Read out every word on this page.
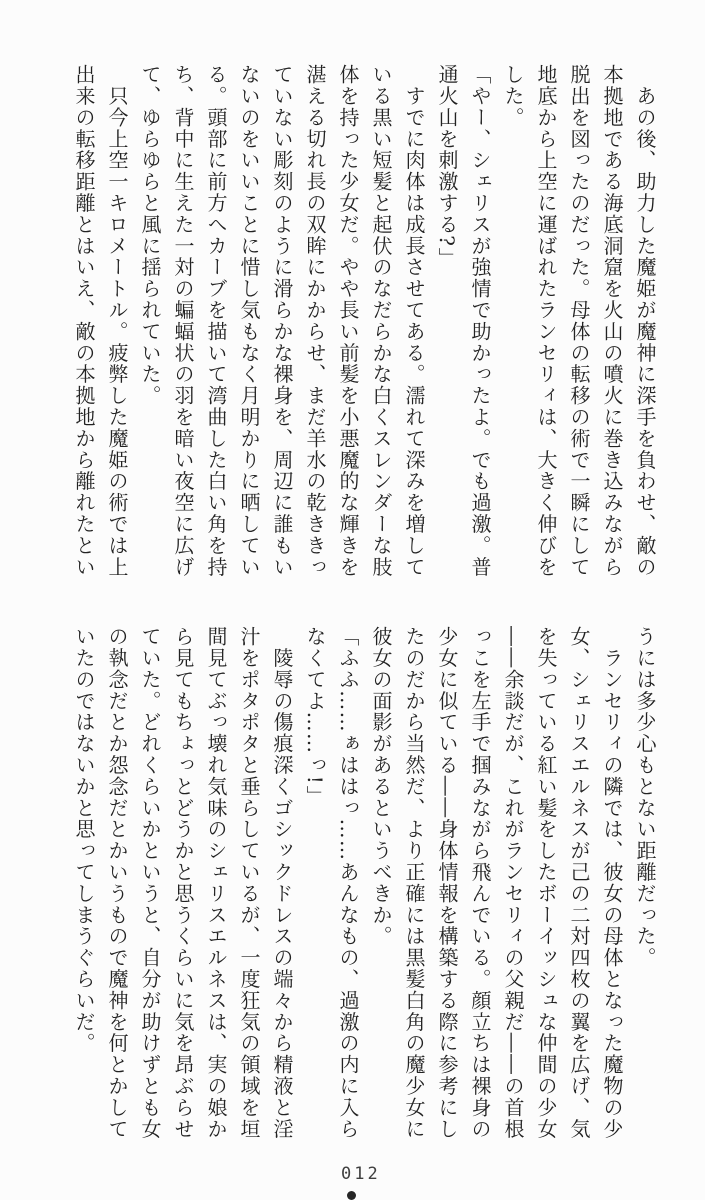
　あの後、助力した魔姫が魔神に深手を負わせ、敵の
本拠地である海底洞窟を火山の噴火に巻き込みながら
脱出を図ったのだった。母体の転移の術で一瞬にして
地底から上空に運ばれたランセリィは、大きく伸びを
した。
「やー、シェリスが強情で助かったよ。でも過激。普
通火山を刺激する?」
　すでに肉体は成長させてある。濡れて深みを増して
いる黒い短髪と起伏のなだらかな白くスレンダーな肢
体を持った少女だ。やや長い前髪を小悪魔的な輝きを
湛える切れ長の双眸にかからせ、まだ羊水の乾ききっ
ていない彫刻のように滑らかな裸身を、周辺に誰もい
ないのをいいことに惜し気もなく月明かりに晒してい
る。頭部に前方へカーブを描いて湾曲した白い角を持
ち、背中に生えた一対の蝙蝠状の羽を暗い夜空に広げ
て、ゆらゆらと風に揺られていた。
　只今上空一キロメートル。疲弊した魔姫の術では上
出来の転移距離とはいえ、敵の本拠地から離れたとい
うには多少心もとない距離だった。
　ランセリィの隣では、彼女の母体となった魔物の少
女、シェリスエルネスが己の二対四枚の翼を広げ、気
を失っている紅い髪をしたボーイッシュな仲間の少女
――余談だが、これがランセリィの父親だ――の首根
っこを左手で掴みながら飛んでいる。顔立ちは裸身の
少女に似ている――身体情報を構築する際に参考にし
たのだから当然だ、より正確には黒髪白角の魔少女に
彼女の面影があるというべきか。
「ふふ……ぁははっ……あんなもの、過激の内に入ら
なくてよ……っ!」
　陵辱の傷痕深くゴシックドレスの端々から精液と淫
汁をポタポタと垂らしているが、一度狂気の領域を垣
間見てぶっ壊れ気味のシェリスエルネスは、実の娘か
ら見てもちょっとどうかと思うくらいに気を昂ぶらせ
ていた。どれくらいかというと、自分が助けずとも女
の執念だとか怨念だとかいうもので魔神を何とかして
いたのではないかと思ってしまうぐらいだ。
012
